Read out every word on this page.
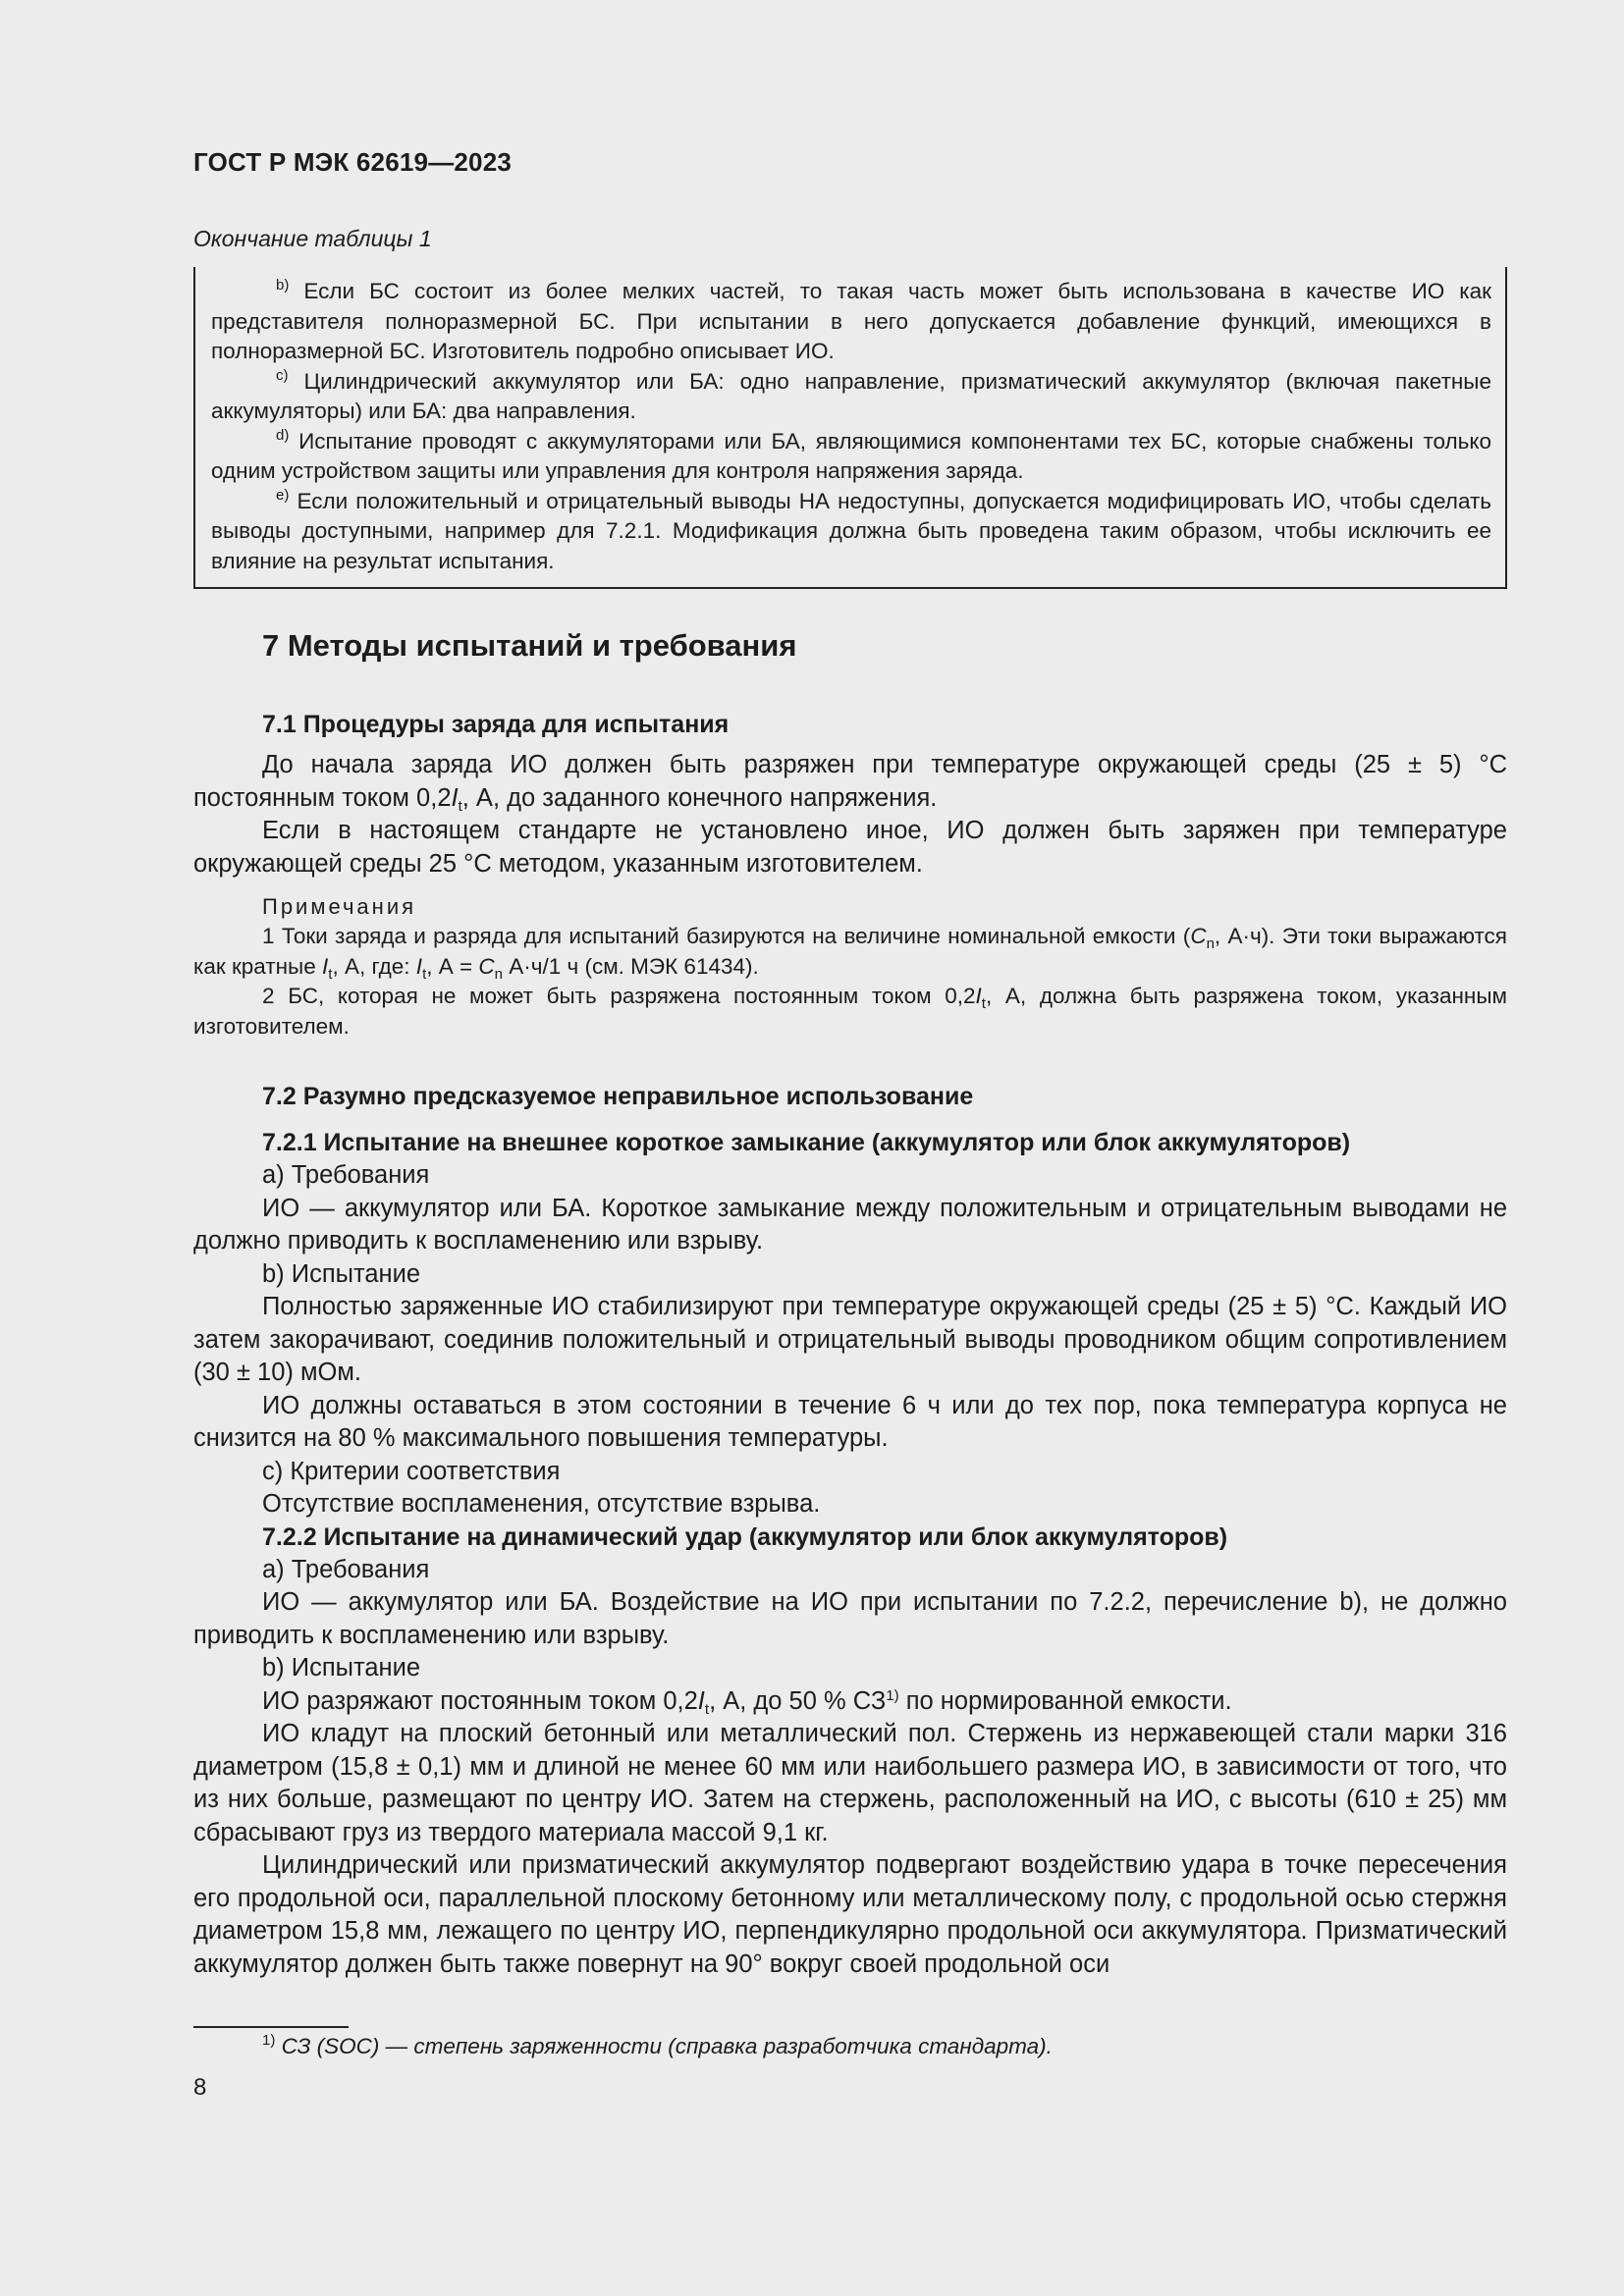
ГОСТ Р МЭК 62619—2023
Окончание таблицы 1

$^{b)}$ Если БС состоит из более мелких частей, то такая часть может быть использована в качестве ИО как представителя полноразмерной БС. При испытании в него допускается добавление функций, имеющихся в полноразмерной БС. Изготовитель подробно описывает ИО.

$^{c)}$ Цилиндрический аккумулятор или БА: одно направление, призматический аккумулятор (включая пакетные аккумуляторы) или БА: два направления.

$^{d)}$ Испытание проводят с аккумуляторами или БА, являющимися компонентами тех БС, которые снабжены только одним устройством защиты или управления для контроля напряжения заряда.

$^{e)}$ Если положительный и отрицательный выводы НА недоступны, допускается модифицировать ИО, чтобы сделать выводы доступными, например для 7.2.1. Модификация должна быть проведена таким образом, чтобы исключить ее влияние на результат испытания.

7 Методы испытаний и требования
7.1 Процедуры заряда для испытания

До начала заряда ИО должен быть разряжен при температуре окружающей среды (25 ± 5) °С постоянным током $0,2I_t$, А, до заданного конечного напряжения.

Если в настоящем стандарте не установлено иное, ИО должен быть заряжен при температуре окружающей среды 25 °С методом, указанным изготовителем.

Примечания

1 Токи заряда и разряда для испытаний базируются на величине номинальной емкости ($C_n$, А·ч). Эти токи выражаются как кратные $I_t$, А, где: $I_t$, $А = C_n$ А·ч/1 ч (см. МЭК 61434).

2 БС, которая не может быть разряжена постоянным током $0,2I_t$, А, должна быть разряжена током, указанным изготовителем.

7.2 Разумно предсказуемое неправильное использование
7.2.1 Испытание на внешнее короткое замыкание (аккумулятор или блок аккумуляторов)

a) Требования

ИО — аккумулятор или БА. Короткое замыкание между положительным и отрицательным выводами не должно приводить к воспламенению или взрыву.

b) Испытание

Полностью заряженные ИО стабилизируют при температуре окружающей среды (25 ± 5) °С. Каждый ИО затем закорачивают, соединив положительный и отрицательный выводы проводником общим сопротивлением (30 ± 10) мОм.

ИО должны оставаться в этом состоянии в течение 6 ч или до тех пор, пока температура корпуса не снизится на 80 % максимального повышения температуры.

c) Критерии соответствия

Отсутствие воспламенения, отсутствие взрыва.

7.2.2 Испытание на динамический удар (аккумулятор или блок аккумуляторов)

a) Требования

ИО — аккумулятор или БА. Воздействие на ИО при испытании по 7.2.2, перечисление b), не должно приводить к воспламенению или взрыву.

b) Испытание

ИО разряжают постоянным током $0,2I_t$, А, до 50 % СЗ$^{1)}$ по нормированной емкости.

ИО кладут на плоский бетонный или металлический пол. Стержень из нержавеющей стали марки 316 диаметром (15,8 ± 0,1) мм и длиной не менее 60 мм или наибольшего размера ИО, в зависимости от того, что из них больше, размещают по центру ИО. Затем на стержень, расположенный на ИО, с высоты (610 ± 25) мм сбрасывают груз из твердого материала массой 9,1 кг.

Цилиндрический или призматический аккумулятор подвергают воздействию удара в точке пересечения его продольной оси, параллельной плоскому бетонному или металлическому полу, с продольной осью стержня диаметром 15,8 мм, лежащего по центру ИО, перпендикулярно продольной оси аккумулятора. Призматический аккумулятор должен быть также повернут на 90° вокруг своей продольной оси

$^{1)}$ СЗ (SOC) — степень заряженности (справка разработчика стандарта).
8
